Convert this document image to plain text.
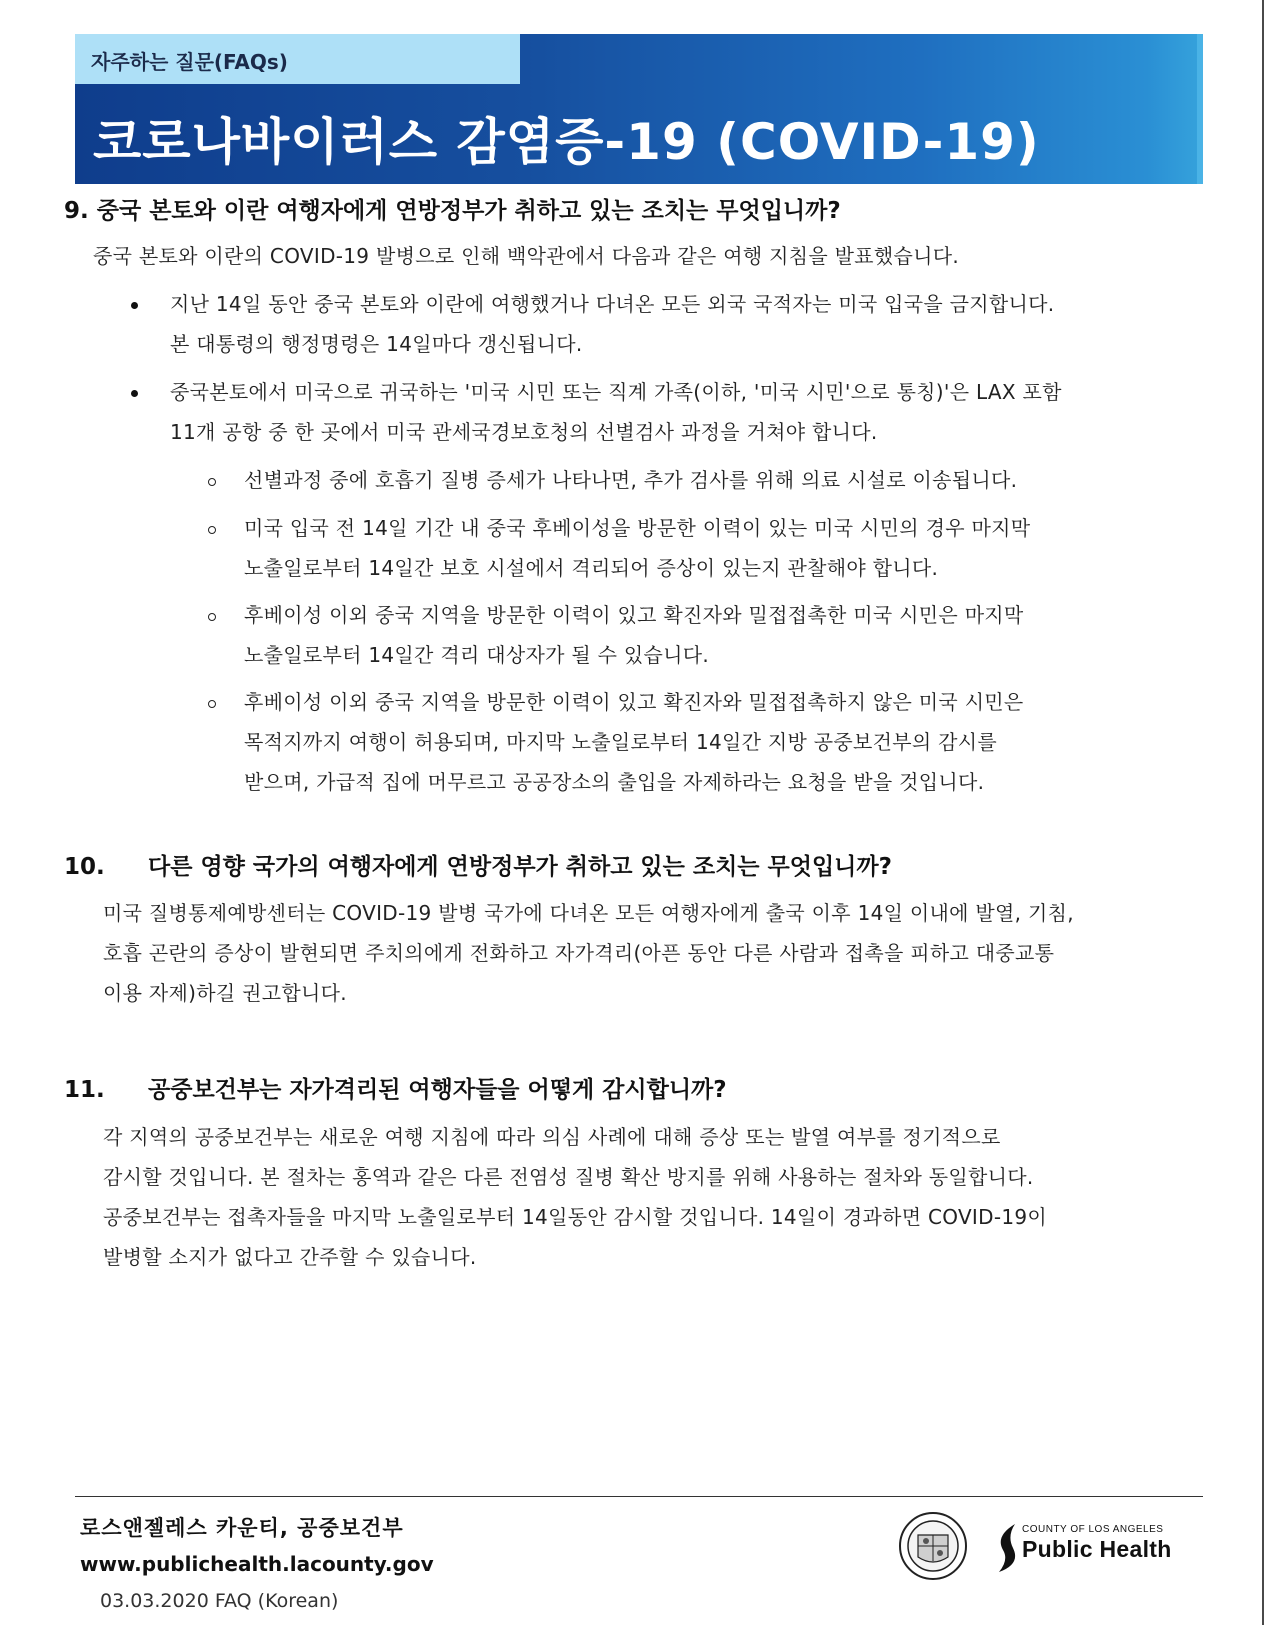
자주하는 질문(FAQs)
코로나바이러스 감염증-19 (COVID-19)
9. 중국 본토와 이란 여행자에게 연방정부가 취하고 있는 조치는 무엇입니까?
중국 본토와 이란의 COVID-19 발병으로 인해 백악관에서 다음과 같은 여행 지침을 발표했습니다.
지난 14일 동안 중국 본토와 이란에 여행했거나 다녀온 모든 외국 국적자는 미국 입국을 금지합니다.
본 대통령의 행정명령은 14일마다 갱신됩니다.
중국본토에서 미국으로 귀국하는 '미국 시민 또는 직계 가족(이하, '미국 시민'으로 통칭)'은 LAX 포함
11개 공항 중 한 곳에서 미국 관세국경보호청의 선별검사 과정을 거쳐야 합니다.
선별과정 중에 호흡기 질병 증세가 나타나면, 추가 검사를 위해 의료 시설로 이송됩니다.
미국 입국 전 14일 기간 내 중국 후베이성을 방문한 이력이 있는 미국 시민의 경우 마지막
노출일로부터 14일간 보호 시설에서 격리되어 증상이 있는지 관찰해야 합니다.
후베이성 이외 중국 지역을 방문한 이력이 있고 확진자와 밀접접촉한 미국 시민은 마지막
노출일로부터 14일간 격리 대상자가 될 수 있습니다.
후베이성 이외 중국 지역을 방문한 이력이 있고 확진자와 밀접접촉하지 않은 미국 시민은
목적지까지 여행이 허용되며, 마지막 노출일로부터 14일간 지방 공중보건부의 감시를
받으며, 가급적 집에 머무르고 공공장소의 출입을 자제하라는 요청을 받을 것입니다.
10. 다른 영향 국가의 여행자에게 연방정부가 취하고 있는 조치는 무엇입니까?
미국 질병통제예방센터는 COVID-19 발병 국가에 다녀온 모든 여행자에게 출국 이후 14일 이내에 발열, 기침,
호흡 곤란의 증상이 발현되면 주치의에게 전화하고 자가격리(아픈 동안 다른 사람과 접촉을 피하고 대중교통
이용 자제)하길 권고합니다.
11. 공중보건부는 자가격리된 여행자들을 어떻게 감시합니까?
각 지역의 공중보건부는 새로운 여행 지침에 따라 의심 사례에 대해 증상 또는 발열 여부를 정기적으로
감시할 것입니다. 본 절차는 홍역과 같은 다른 전염성 질병 확산 방지를 위해 사용하는 절차와 동일합니다.
공중보건부는 접촉자들을 마지막 노출일로부터 14일동안 감시할 것입니다. 14일이 경과하면 COVID-19이
발병할 소지가 없다고 간주할 수 있습니다.
로스앤젤레스 카운티, 공중보건부
www.publichealth.lacounty.gov
03.03.2020 FAQ (Korean)
COUNTY OF LOS ANGELES
Public Health
